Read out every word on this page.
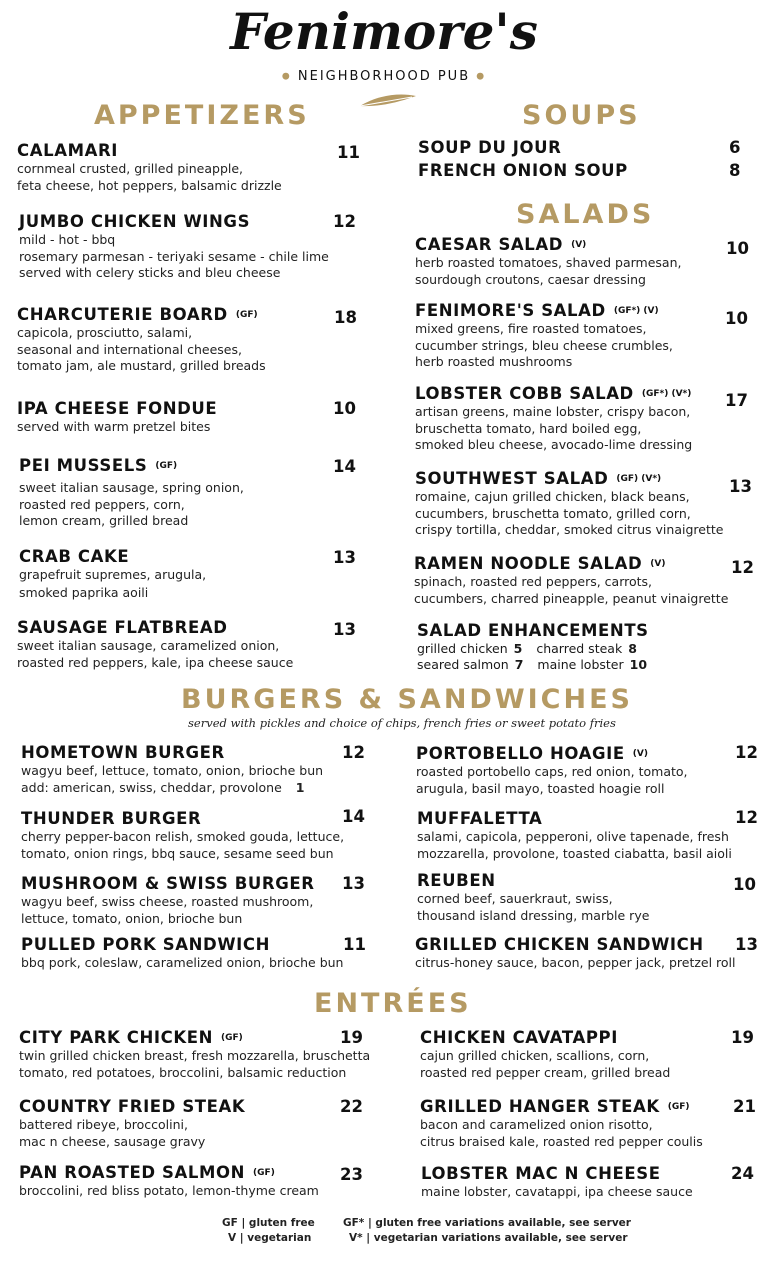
Fenimore's
● NEIGHBORHOOD PUB ●
APPETIZERS
CALAMARI
cornmeal crusted, grilled pineapple,
feta cheese, hot peppers, balsamic drizzle
11
JUMBO CHICKEN WINGS
mild - hot - bbq
rosemary parmesan - teriyaki sesame - chile lime
served with celery sticks and bleu cheese
12
CHARCUTERIE BOARD (GF)
capicola, prosciutto, salami,
seasonal and international cheeses,
tomato jam, ale mustard, grilled breads
18
IPA CHEESE FONDUE
served with warm pretzel bites
10
PEI MUSSELS (GF)
sweet italian sausage, spring onion,
roasted red peppers, corn,
lemon cream, grilled bread
14
CRAB CAKE
grapefruit supremes, arugula,
smoked paprika aoili
13
SAUSAGE FLATBREAD
sweet italian sausage, caramelized onion,
roasted red peppers, kale, ipa cheese sauce
13
SOUPS
SOUP DU JOUR	6
FRENCH ONION SOUP	8
SALADS
CAESAR SALAD (V)
herb roasted tomatoes, shaved parmesan,
sourdough croutons, caesar dressing
10
FENIMORE'S SALAD (GF*) (V)
mixed greens, fire roasted tomatoes,
cucumber strings, bleu cheese crumbles,
herb roasted mushrooms
10
LOBSTER COBB SALAD (GF*) (V*)
artisan greens, maine lobster, crispy bacon,
bruschetta tomato, hard boiled egg,
smoked bleu cheese, avocado-lime dressing
17
SOUTHWEST SALAD (GF) (V*)
romaine, cajun grilled chicken, black beans,
cucumbers, bruschetta tomato, grilled corn,
crispy tortilla, cheddar, smoked citrus vinaigrette
13
RAMEN NOODLE SALAD (V)
spinach, roasted red peppers, carrots,
cucumbers, charred pineapple, peanut vinaigrette
12
SALAD ENHANCEMENTS
grilled chicken 5 charred steak 8
seared salmon 7 maine lobster 10
BURGERS & SANDWICHES
served with pickles and choice of chips, french fries or sweet potato fries
HOMETOWN BURGER
wagyu beef, lettuce, tomato, onion, brioche bun
add: american, swiss, cheddar, provolone 1
12
THUNDER BURGER
cherry pepper-bacon relish, smoked gouda, lettuce,
tomato, onion rings, bbq sauce, sesame seed bun
14
MUSHROOM & SWISS BURGER
wagyu beef, swiss cheese, roasted mushroom,
lettuce, tomato, onion, brioche bun
13
PULLED PORK SANDWICH
bbq pork, coleslaw, caramelized onion, brioche bun
11
PORTOBELLO HOAGIE (V)
roasted portobello caps, red onion, tomato,
arugula, basil mayo, toasted hoagie roll
12
MUFFALETTA
salami, capicola, pepperoni, olive tapenade, fresh
mozzarella, provolone, toasted ciabatta, basil aioli
12
REUBEN
corned beef, sauerkraut, swiss,
thousand island dressing, marble rye
10
GRILLED CHICKEN SANDWICH
citrus-honey sauce, bacon, pepper jack, pretzel roll
13
ENTRÉES
CITY PARK CHICKEN (GF)
twin grilled chicken breast, fresh mozzarella, bruschetta
tomato, red potatoes, broccolini, balsamic reduction
19
COUNTRY FRIED STEAK
battered ribeye, broccolini,
mac n cheese, sausage gravy
22
PAN ROASTED SALMON (GF)
broccolini, red bliss potato, lemon-thyme cream
23
CHICKEN CAVATAPPI
cajun grilled chicken, scallions, corn,
roasted red pepper cream, grilled bread
19
GRILLED HANGER STEAK (GF)
bacon and caramelized onion risotto,
citrus braised kale, roasted red pepper coulis
21
LOBSTER MAC N CHEESE
maine lobster, cavatappi, ipa cheese sauce
24
GF | gluten free
V | vegetarian
GF* | gluten free variations available, see server
V* | vegetarian variations available, see server
